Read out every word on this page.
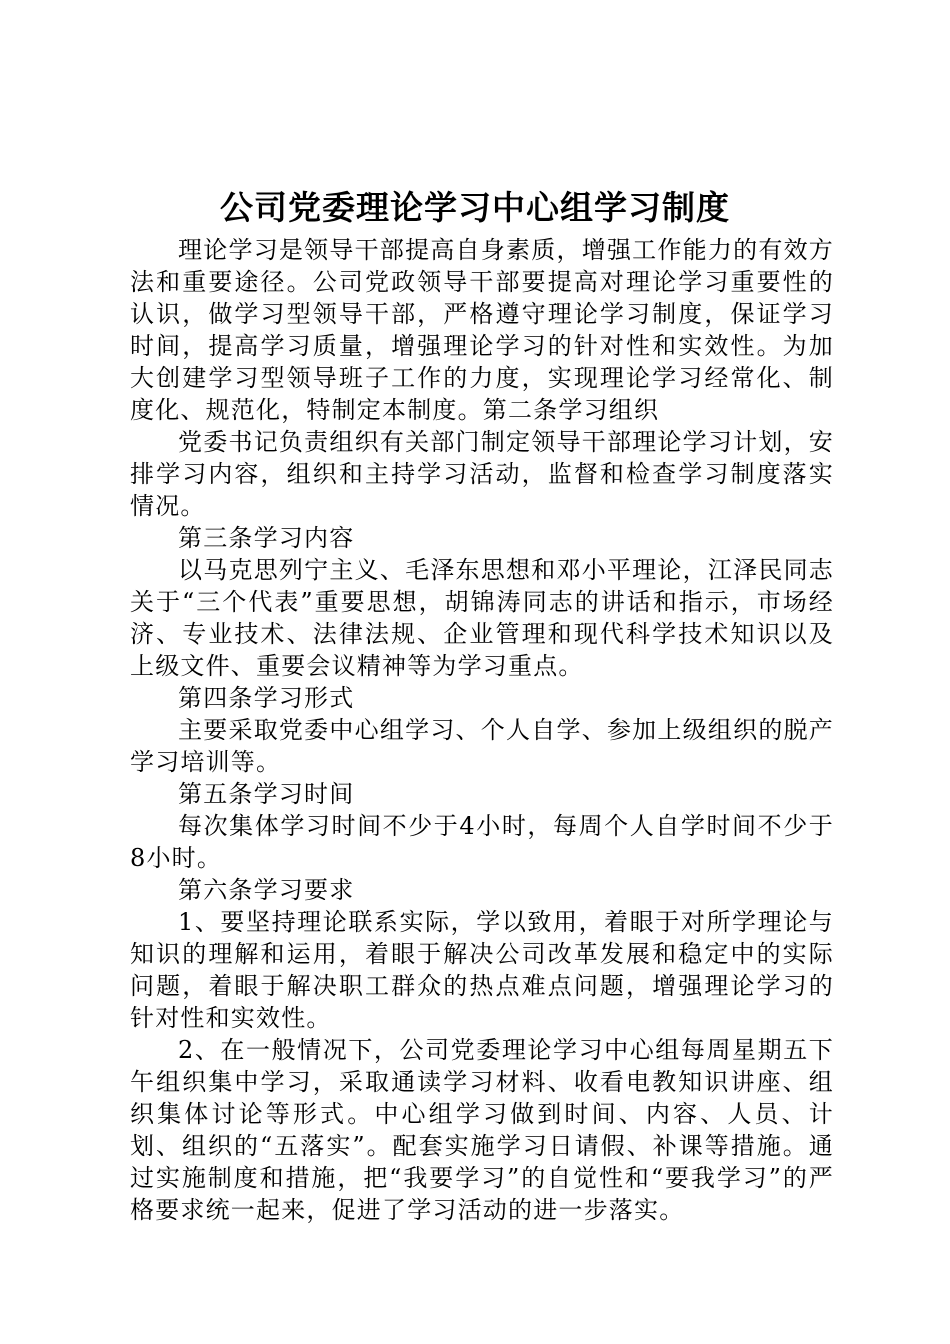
公司党委理论学习中心组学习制度

理论学习是领导干部提高自身素质，增强工作能力的有效方法和重要途径。公司党政领导干部要提高对理论学习重要性的认识，做学习型领导干部，严格遵守理论学习制度，保证学习时间，提高学习质量，增强理论学习的针对性和实效性。为加大创建学习型领导班子工作的力度，实现理论学习经常化、制度化、规范化，特制定本制度。第二条学习组织

党委书记负责组织有关部门制定领导干部理论学习计划，安排学习内容，组织和主持学习活动，监督和检查学习制度落实情况。

第三条学习内容

以马克思列宁主义、毛泽东思想和邓小平理论，江泽民同志关于“三个代表”重要思想，胡锦涛同志的讲话和指示，市场经济、专业技术、法律法规、企业管理和现代科学技术知识以及上级文件、重要会议精神等为学习重点。

第四条学习形式

主要采取党委中心组学习、个人自学、参加上级组织的脱产学习培训等。

第五条学习时间

每次集体学习时间不少于4小时，每周个人自学时间不少于8小时。

第六条学习要求

1、要坚持理论联系实际，学以致用，着眼于对所学理论与知识的理解和运用，着眼于解决公司改革发展和稳定中的实际问题，着眼于解决职工群众的热点难点问题，增强理论学习的针对性和实效性。

2、在一般情况下，公司党委理论学习中心组每周星期五下午组织集中学习，采取通读学习材料、收看电教知识讲座、组织集体讨论等形式。中心组学习做到时间、内容、人员、计划、组织的“五落实”。配套实施学习日请假、补课等措施。通过实施制度和措施，把“我要学习”的自觉性和“要我学习”的严格要求统一起来，促进了学习活动的进一步落实。
